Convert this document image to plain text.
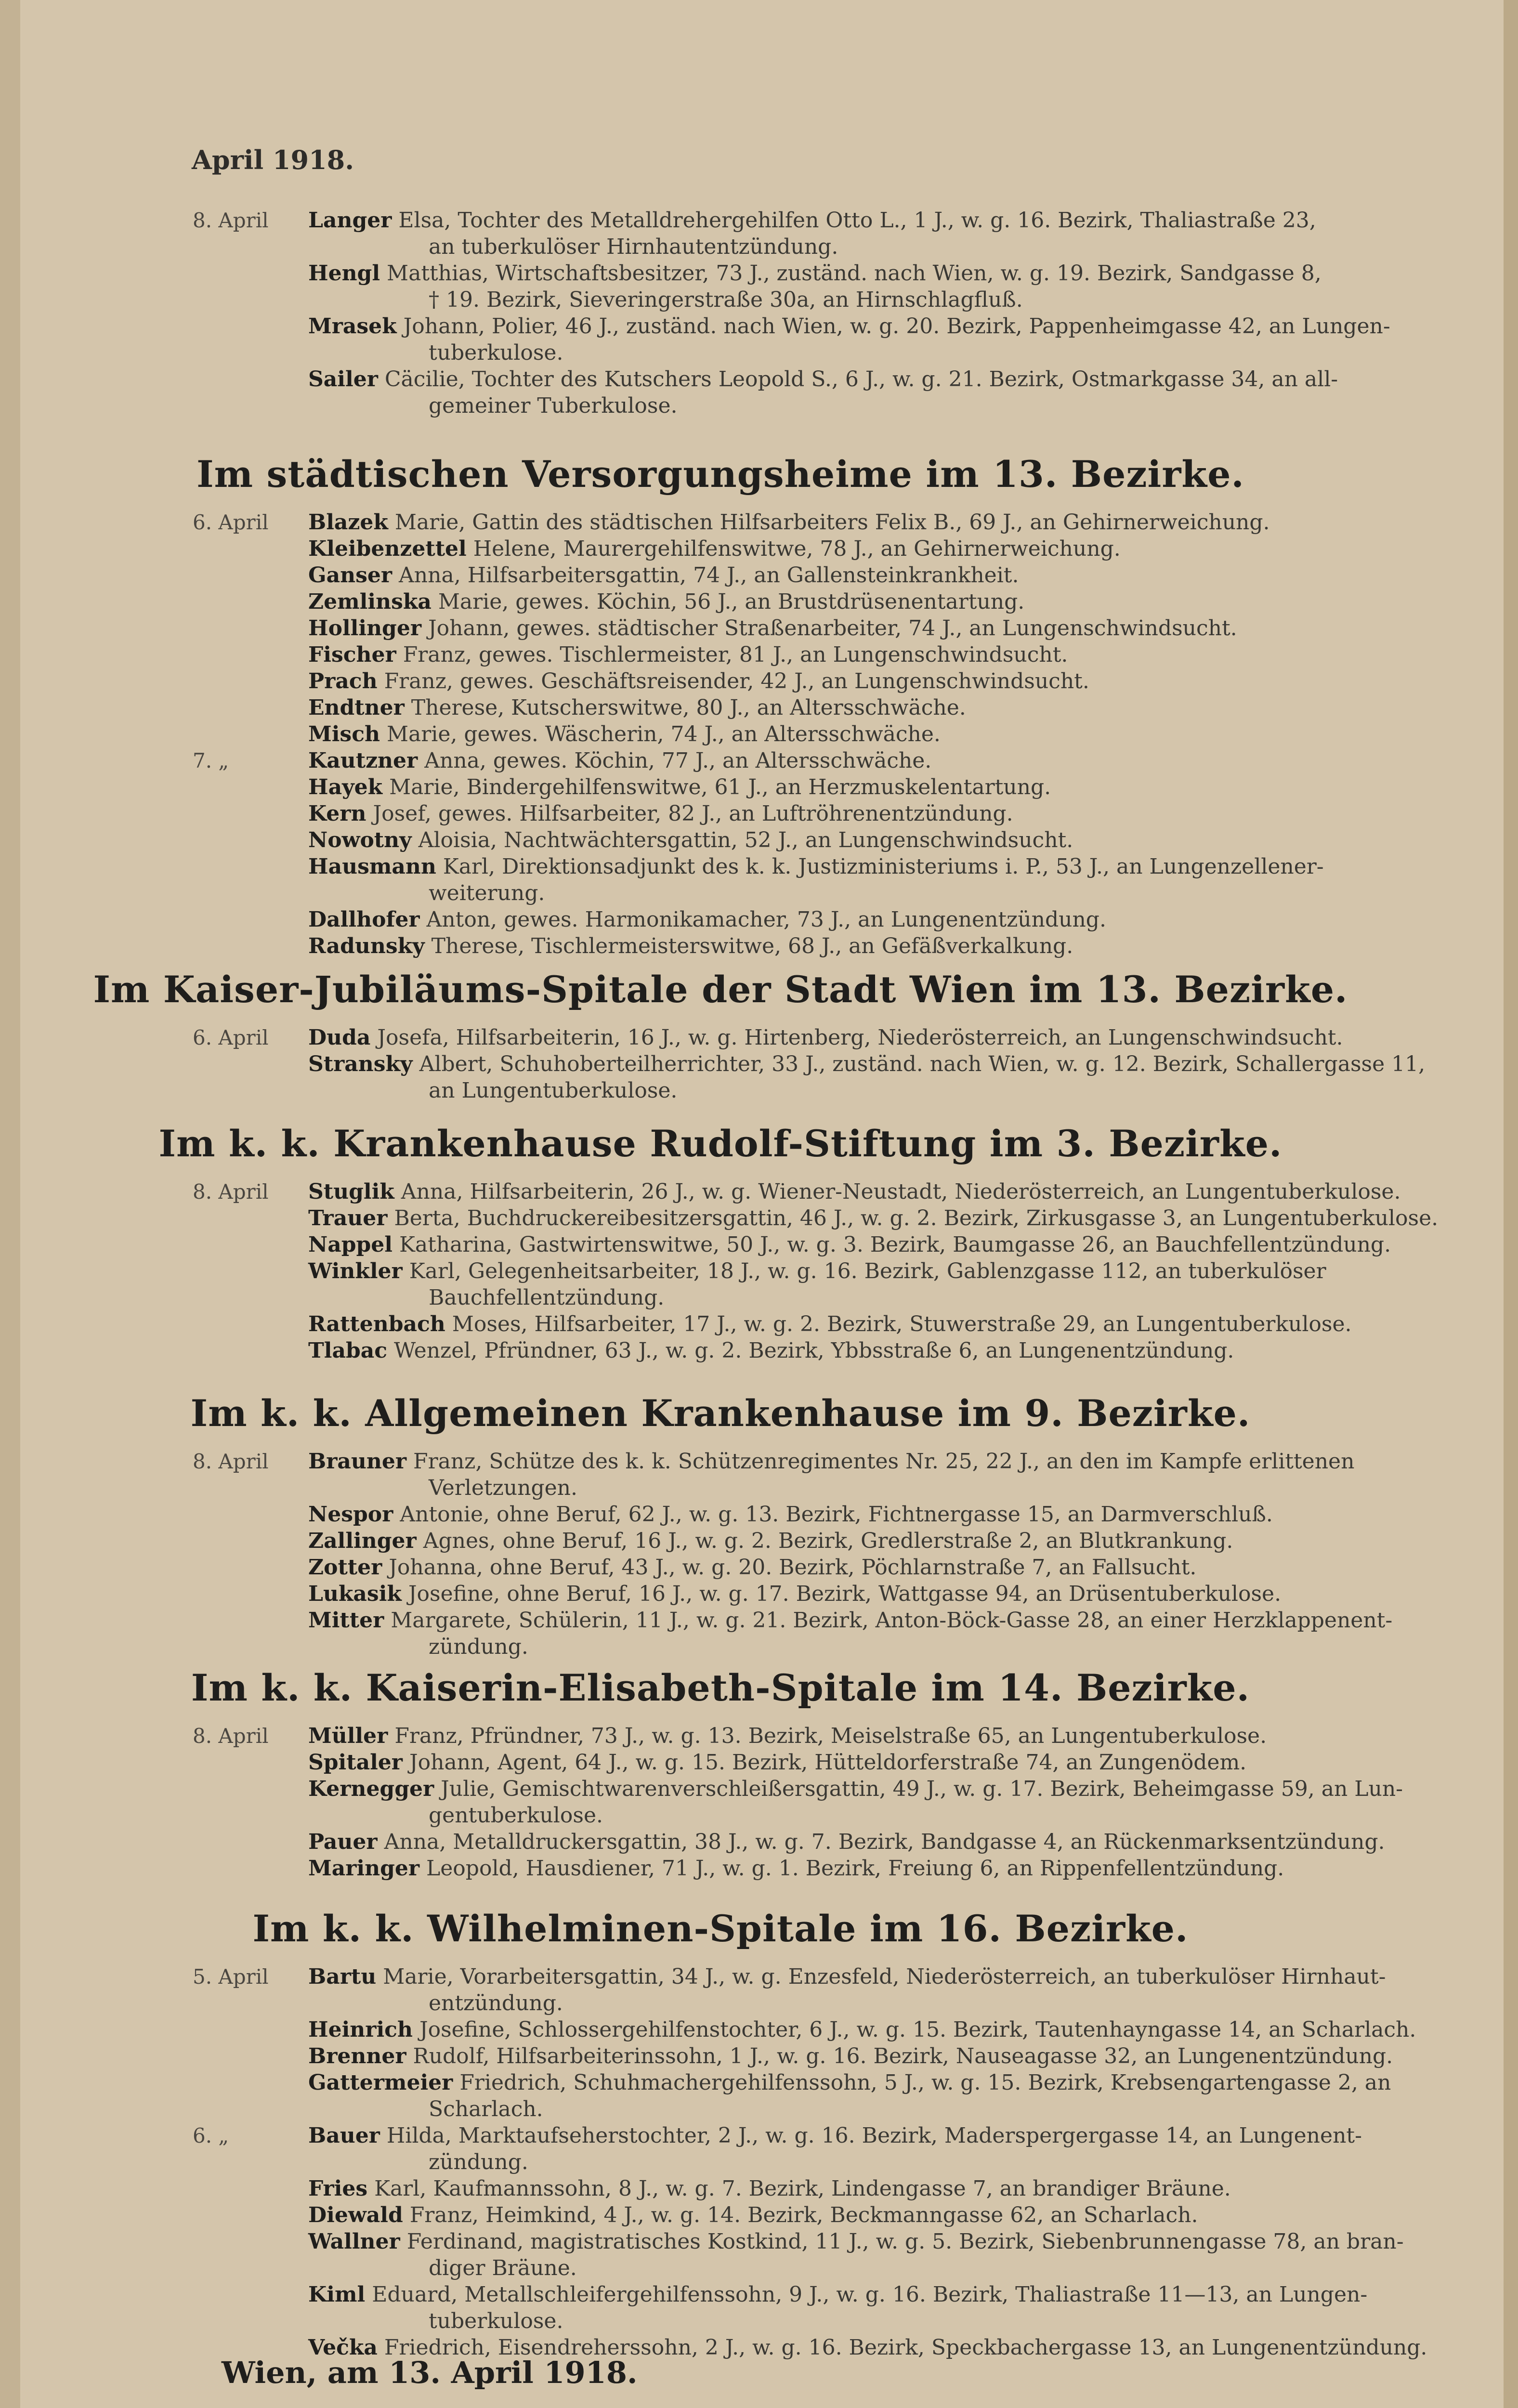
April 1918.
8. April Langer Elsa, Tochter des Metalldrehergehilfen Otto L., 1 J., w. g. 16. Bezirk, Thaliastraße 23,
an tuberkulöser Hirnhautentzündung.
Hengl Matthias, Wirtschaftsbesitzer, 73 J., zuständ. nach Wien, w. g. 19. Bezirk, Sandgasse 8,
† 19. Bezirk, Sieveringerstraße 30a, an Hirnschlagfluß.
Mrasek Johann, Polier, 46 J., zuständ. nach Wien, w. g. 20. Bezirk, Pappenheimgasse 42, an Lungen-
tuberkulose.
Sailer Cäcilie, Tochter des Kutschers Leopold S., 6 J., w. g. 21. Bezirk, Ostmarkgasse 34, an all-
gemeiner Tuberkulose.
Im städtischen Versorgungsheime im 13. Bezirke.
6. April Blazek Marie, Gattin des städtischen Hilfsarbeiters Felix B., 69 J., an Gehirnerweichung.
Kleibenzettel Helene, Maurergehilfenswitwe, 78 J., an Gehirnerweichung.
Ganser Anna, Hilfsarbeitersgattin, 74 J., an Gallensteinkrankheit.
Zemlinska Marie, gewes. Köchin, 56 J., an Brustdrüsenentartung.
Hollinger Johann, gewes. städtischer Straßenarbeiter, 74 J., an Lungenschwindsucht.
Fischer Franz, gewes. Tischlermeister, 81 J., an Lungenschwindsucht.
Prach Franz, gewes. Geschäftsreisender, 42 J., an Lungenschwindsucht.
Endtner Therese, Kutscherswitwe, 80 J., an Altersschwäche.
Misch Marie, gewes. Wäscherin, 74 J., an Altersschwäche.
7. „	Kautzner Anna, gewes. Köchin, 77 J., an Altersschwäche.
Hayek Marie, Bindergehilfenswitwe, 61 J., an Herzmuskelentartung.
Kern Josef, gewes. Hilfsarbeiter, 82 J., an Luftröhrenentzündung.
Nowotny Aloisia, Nachtwächtersgattin, 52 J., an Lungenschwindsucht.
Hausmann Karl, Direktionsadjunkt des k. k. Justizministeriums i. P., 53 J., an Lungenzellener-
weiterung.
Dallhofer Anton, gewes. Harmonikamacher, 73 J., an Lungenentzündung.
Radunsky Therese, Tischlermeisterswitwe, 68 J., an Gefäßverkalkung.
Im Kaiser-Jubiläums-Spitale der Stadt Wien im 13. Bezirke.
6. April Duda Josefa, Hilfsarbeiterin, 16 J., w. g. Hirtenberg, Niederösterreich, an Lungenschwindsucht.
Stransky Albert, Schuhoberteilherrichter, 33 J., zuständ. nach Wien, w. g. 12. Bezirk, Schallergasse 11,
an Lungentuberkulose.
Im k. k. Krankenhause Rudolf-Stiftung im 3. Bezirke.
8. April Stuglik Anna, Hilfsarbeiterin, 26 J., w. g. Wiener-Neustadt, Niederösterreich, an Lungentuberkulose.
Trauer Berta, Buchdruckereibesitzersgattin, 46 J., w. g. 2. Bezirk, Zirkusgasse 3, an Lungentuberkulose.
Nappel Katharina, Gastwirtenswitwe, 50 J., w. g. 3. Bezirk, Baumgasse 26, an Bauchfellentzündung.
Winkler Karl, Gelegenheitsarbeiter, 18 J., w. g. 16. Bezirk, Gablenzgasse 112, an tuberkulöser
Bauchfellentzündung.
Rattenbach Moses, Hilfsarbeiter, 17 J., w. g. 2. Bezirk, Stuwerstraße 29, an Lungentuberkulose.
Tlabac Wenzel, Pfründner, 63 J., w. g. 2. Bezirk, Ybbsstraße 6, an Lungenentzündung.
Im k. k. Allgemeinen Krankenhause im 9. Bezirke.
8. April Brauner Franz, Schütze des k. k. Schützenregimentes Nr. 25, 22 J., an den im Kampfe erlittenen
Verletzungen.
Nespor Antonie, ohne Beruf, 62 J., w. g. 13. Bezirk, Fichtnergasse 15, an Darmverschluß.
Zallinger Agnes, ohne Beruf, 16 J., w. g. 2. Bezirk, Gredlerstraße 2, an Blutkrankung.
Zotter Johanna, ohne Beruf, 43 J., w. g. 20. Bezirk, Pöchlarnstraße 7, an Fallsucht.
Lukasik Josefine, ohne Beruf, 16 J., w. g. 17. Bezirk, Wattgasse 94, an Drüsentuberkulose.
Mitter Margarete, Schülerin, 11 J., w. g. 21. Bezirk, Anton-Böck-Gasse 28, an einer Herzklappenent-
zündung.
Im k. k. Kaiserin-Elisabeth-Spitale im 14. Bezirke.
8. April Müller Franz, Pfründner, 73 J., w. g. 13. Bezirk, Meiselstraße 65, an Lungentuberkulose.
Spitaler Johann, Agent, 64 J., w. g. 15. Bezirk, Hütteldorferstraße 74, an Zungenödem.
Kernegger Julie, Gemischtwarenverschleißersgattin, 49 J., w. g. 17. Bezirk, Beheimgasse 59, an Lun-
gentuberkulose.
Pauer Anna, Metalldruckersgattin, 38 J., w. g. 7. Bezirk, Bandgasse 4, an Rückenmarksentzündung.
Maringer Leopold, Hausdiener, 71 J., w. g. 1. Bezirk, Freiung 6, an Rippenfellentzündung.
Im k. k. Wilhelminen-Spitale im 16. Bezirke.
5. April Bartu Marie, Vorarbeitersgattin, 34 J., w. g. Enzesfeld, Niederösterreich, an tuberkulöser Hirnhaut-
entzündung.
Heinrich Josefine, Schlossergehilfenstochter, 6 J., w. g. 15. Bezirk, Tautenhayngasse 14, an Scharlach.
Brenner Rudolf, Hilfsarbeiterinssohn, 1 J., w. g. 16. Bezirk, Nauseagasse 32, an Lungenentzündung.
Gattermeier Friedrich, Schuhmachergehilfenssohn, 5 J., w. g. 15. Bezirk, Krebsengartengasse 2, an
Scharlach.
6. „	Bauer Hilda, Marktaufseherstochter, 2 J., w. g. 16. Bezirk, Maderspergergasse 14, an Lungenent-
zündung.
Fries Karl, Kaufmannssohn, 8 J., w. g. 7. Bezirk, Lindengasse 7, an brandiger Bräune.
Diewald Franz, Heimkind, 4 J., w. g. 14. Bezirk, Beckmanngasse 62, an Scharlach.
Wallner Ferdinand, magistratisches Kostkind, 11 J., w. g. 5. Bezirk, Siebenbrunnengasse 78, an bran-
diger Bräune.
Kiml Eduard, Metallschleifergehilfenssohn, 9 J., w. g. 16. Bezirk, Thaliastraße 11—13, an Lungen-
tuberkulose.
Večka Friedrich, Eisendreherssohn, 2 J., w. g. 16. Bezirk, Speckbachergasse 13, an Lungenentzündung.
Wien, am 13. April 1918.
